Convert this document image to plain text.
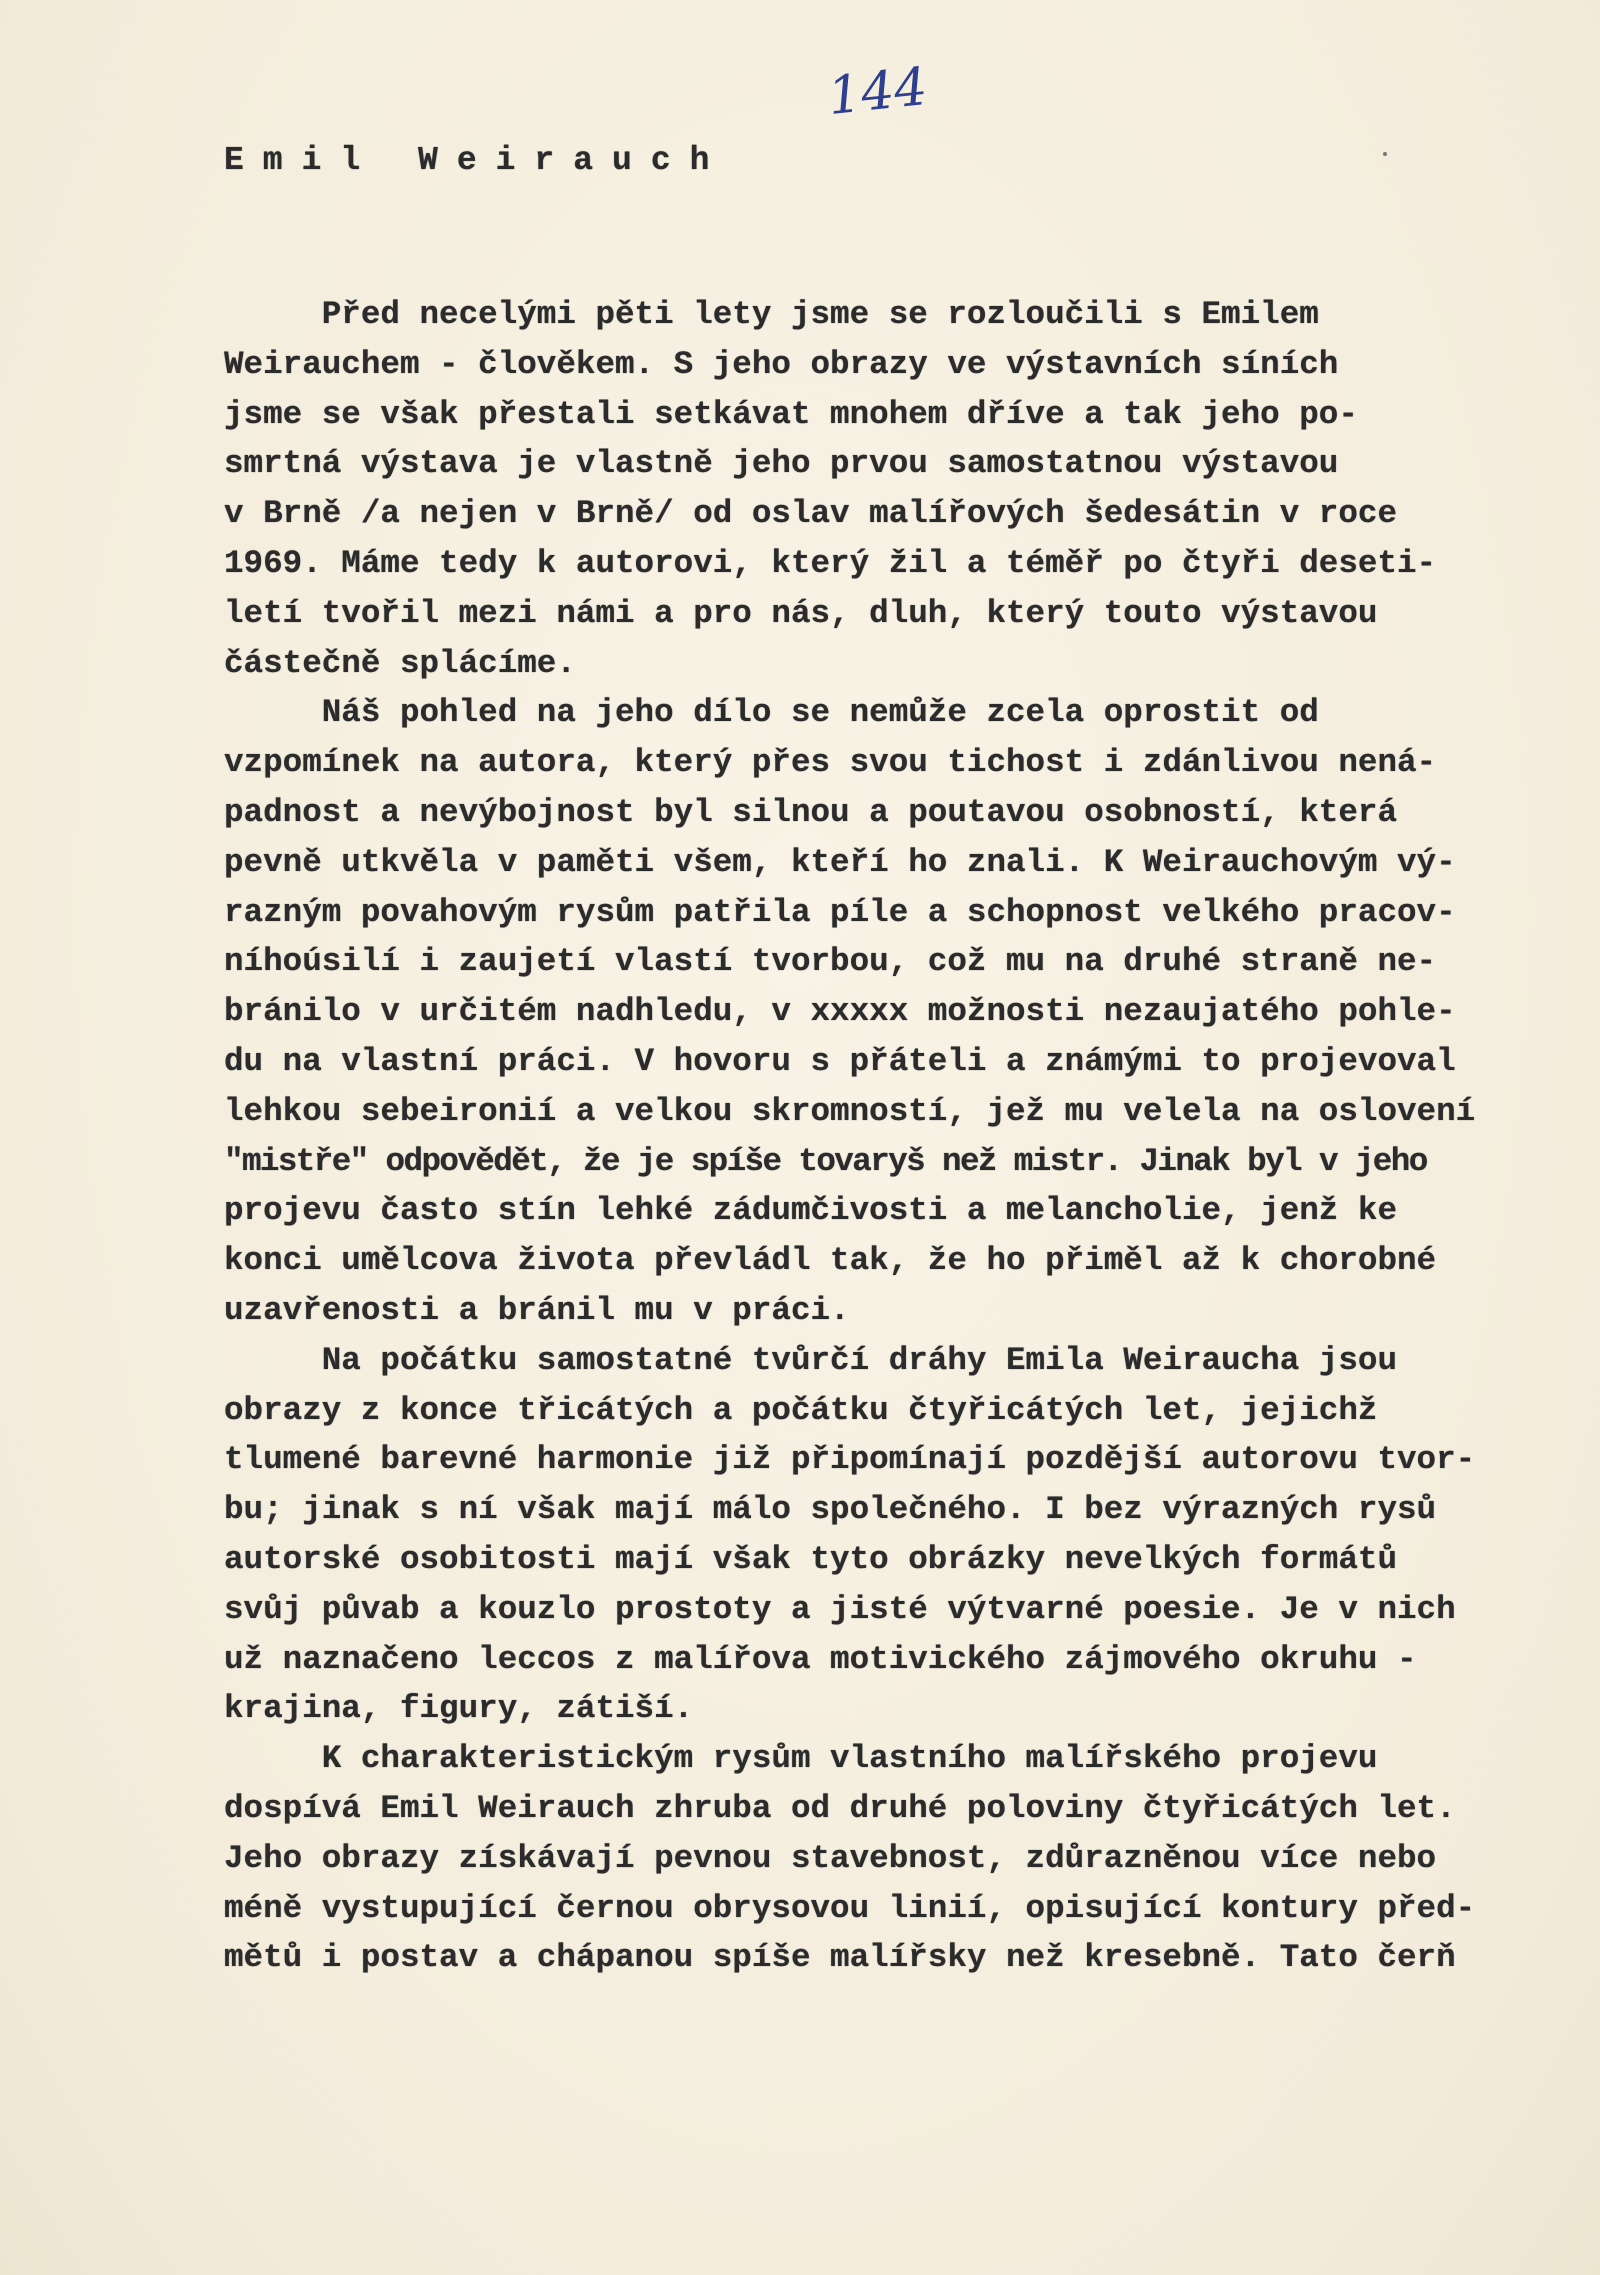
144
Emil Weirauch
Před necelými pěti lety jsme se rozloučili s Emilem
Weirauchem - člověkem. S jeho obrazy ve výstavních síních
jsme se však přestali setkávat mnohem dříve a tak jeho po-
smrtná výstava je vlastně jeho prvou samostatnou výstavou
v Brně /a nejen v Brně/ od oslav malířových šedesátin v roce
1969. Máme tedy k autorovi, který žil a téměř po čtyři deseti-
letí tvořil mezi námi a pro nás, dluh, který touto výstavou
částečně splácíme.
Náš pohled na jeho dílo se nemůže zcela oprostit od
vzpomínek na autora, který přes svou tichost i zdánlivou nená-
padnost a nevýbojnost byl silnou a poutavou osobností, která
pevně utkvěla v paměti všem, kteří ho znali. K Weirauchovým vý-
razným povahovým rysům patřila píle a schopnost velkého pracov-
níhoúsilí i zaujetí vlastí tvorbou, což mu na druhé straně ne-
bránilo v určitém nadhledu, v xxxxx možnosti nezaujatého pohle-
du na vlastní práci. V hovoru s přáteli a známými to projevoval
lehkou sebeironií a velkou skromností, jež mu velela na oslovení
"mistře" odpovědět, že je spíše tovaryš než mistr. Jinak byl v jeho
projevu často stín lehké zádumčivosti a melancholie, jenž ke
konci umělcova života převládl tak, že ho přiměl až k chorobné
uzavřenosti a bránil mu v práci.
Na počátku samostatné tvůrčí dráhy Emila Weiraucha jsou
obrazy z konce třicátých a počátku čtyřicátých let, jejichž
tlumené barevné harmonie již připomínají pozdější autorovu tvor-
bu; jinak s ní však mají málo společného. I bez výrazných rysů
autorské osobitosti mají však tyto obrázky nevelkých formátů
svůj půvab a kouzlo prostoty a jisté výtvarné poesie. Je v nich
už naznačeno leccos z malířova motivického zájmového okruhu -
krajina, figury, zátiší.
K charakteristickým rysům vlastního malířského projevu
dospívá Emil Weirauch zhruba od druhé poloviny čtyřicátých let.
Jeho obrazy získávají pevnou stavebnost, zdůrazněnou více nebo
méně vystupující černou obrysovou linií, opisující kontury před-
mětů i postav a chápanou spíše malířsky než kresebně. Tato čerň
